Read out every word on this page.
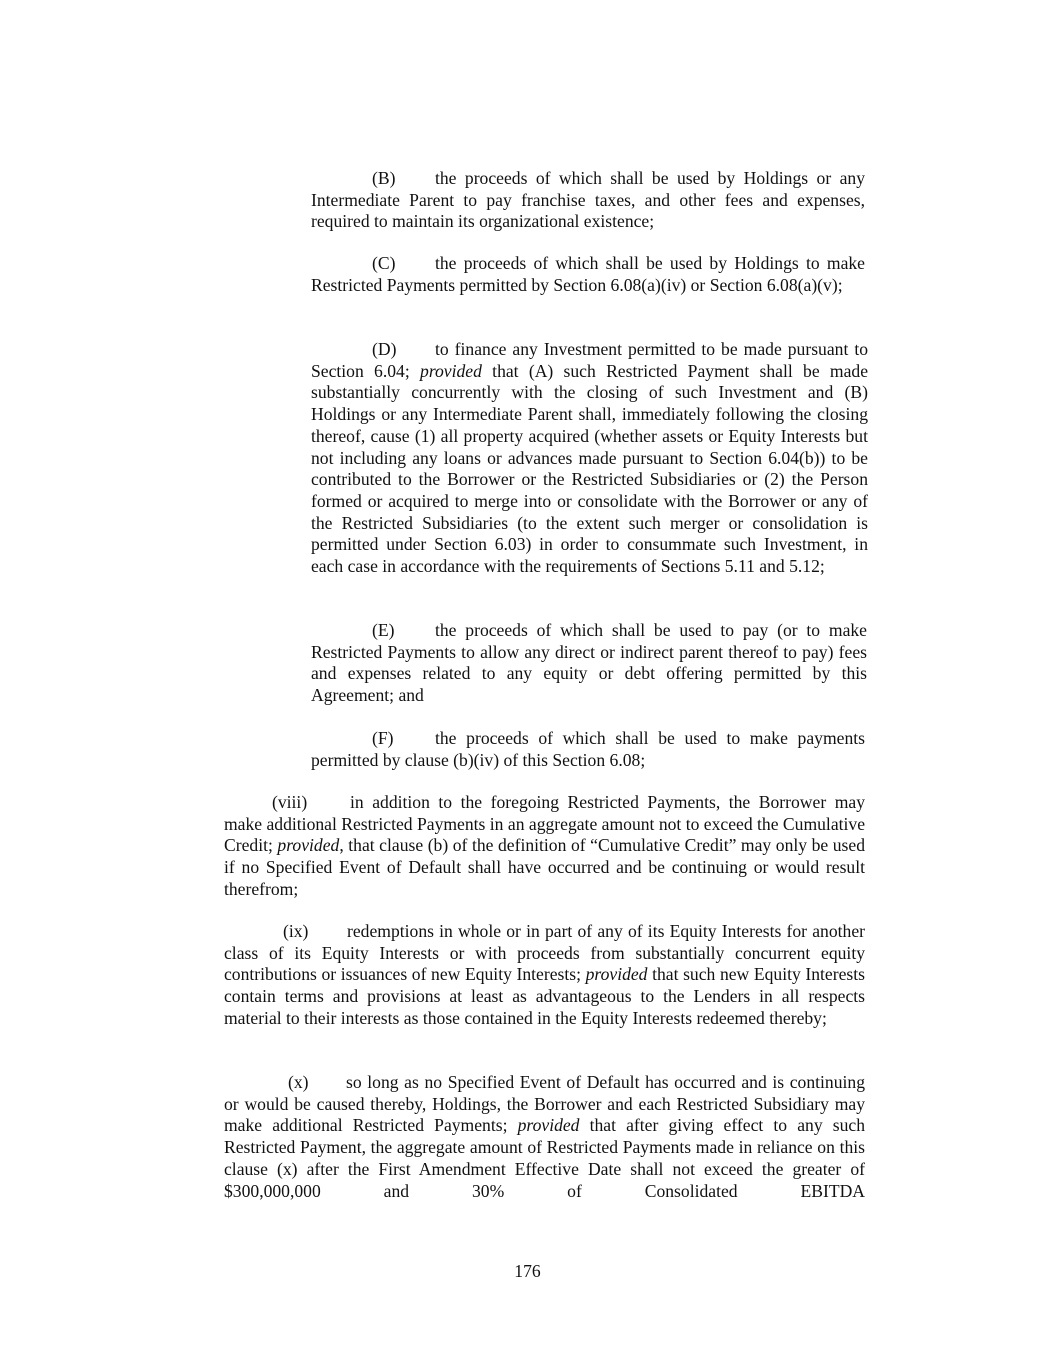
(B) the proceeds of which shall be used by Holdings or any Intermediate Parent to pay franchise taxes, and other fees and expenses, required to maintain its organizational existence;

(C) the proceeds of which shall be used by Holdings to make Restricted Payments permitted by Section 6.08(a)(iv) or Section 6.08(a)(v);

(D) to finance any Investment permitted to be made pursuant to Section 6.04; provided that (A) such Restricted Payment shall be made substantially concurrently with the closing of such Investment and (B) Holdings or any Intermediate Parent shall, immediately following the closing thereof, cause (1) all property acquired (whether assets or Equity Interests but not including any loans or advances made pursuant to Section 6.04(b)) to be contributed to the Borrower or the Restricted Subsidiaries or (2) the Person formed or acquired to merge into or consolidate with the Borrower or any of the Restricted Subsidiaries (to the extent such merger or consolidation is permitted under Section 6.03) in order to consummate such Investment, in each case in accordance with the requirements of Sections 5.11 and 5.12;

(E) the proceeds of which shall be used to pay (or to make Restricted Payments to allow any direct or indirect parent thereof to pay) fees and expenses related to any equity or debt offering permitted by this Agreement; and

(F) the proceeds of which shall be used to make payments permitted by clause (b)(iv) of this Section 6.08;

(viii) in addition to the foregoing Restricted Payments, the Borrower may make additional Restricted Payments in an aggregate amount not to exceed the Cumulative Credit; provided, that clause (b) of the definition of “Cumulative Credit” may only be used if no Specified Event of Default shall have occurred and be continuing or would result therefrom;

(ix) redemptions in whole or in part of any of its Equity Interests for another class of its Equity Interests or with proceeds from substantially concurrent equity contributions or issuances of new Equity Interests; provided that such new Equity Interests contain terms and provisions at least as advantageous to the Lenders in all respects material to their interests as those contained in the Equity Interests redeemed thereby;

(x) so long as no Specified Event of Default has occurred and is continuing or would be caused thereby, Holdings, the Borrower and each Restricted Subsidiary may make additional Restricted Payments; provided that after giving effect to any such Restricted Payment, the aggregate amount of Restricted Payments made in reliance on this clause (x) after the First Amendment Effective Date shall not exceed the greater of $300,000,000 and 30% of Consolidated EBITDA

176
